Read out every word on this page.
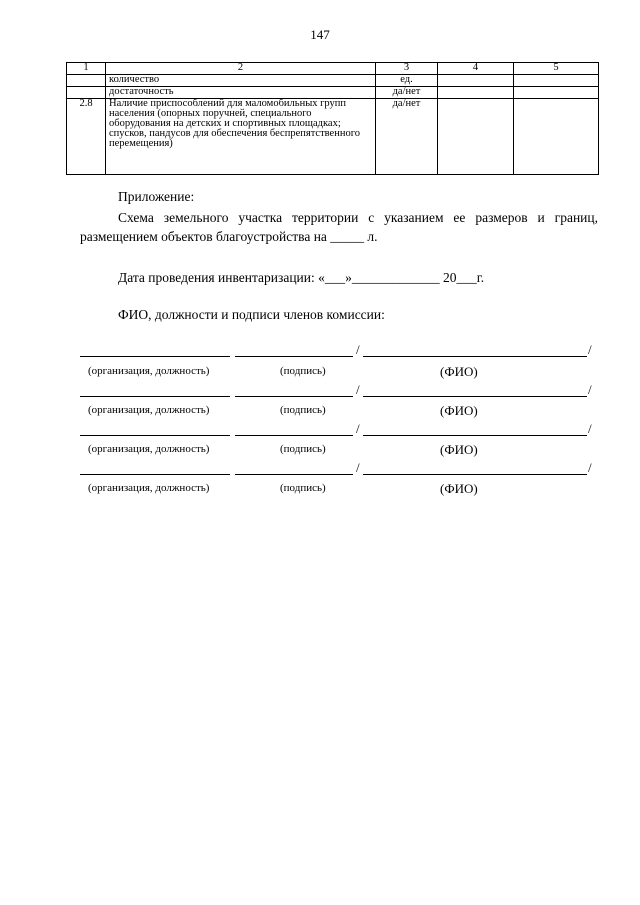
147
1	2	3	4	5
	количество	ед.		
	достаточность	да/нет		
2.8	Наличие приспособлений для маломобильных групп населения (опорных поручней, специального оборудования на детских и спортивных площадках; спусков, пандусов для обеспечения беспрепятственного перемещения)	да/нет		
Приложение:
Схема земельного участка территории с указанием ее размеров и границ, размещением объектов благоустройства на _____ л.
Дата проведения инвентаризации: «___»_____________ 20___г.
ФИО, должности и подписи членов комиссии:
/	/
(организация, должность)	(подпись)	(ФИО)
/	/
(организация, должность)	(подпись)	(ФИО)
/	/
(организация, должность)	(подпись)	(ФИО)
/	/
(организация, должность)	(подпись)	(ФИО)
